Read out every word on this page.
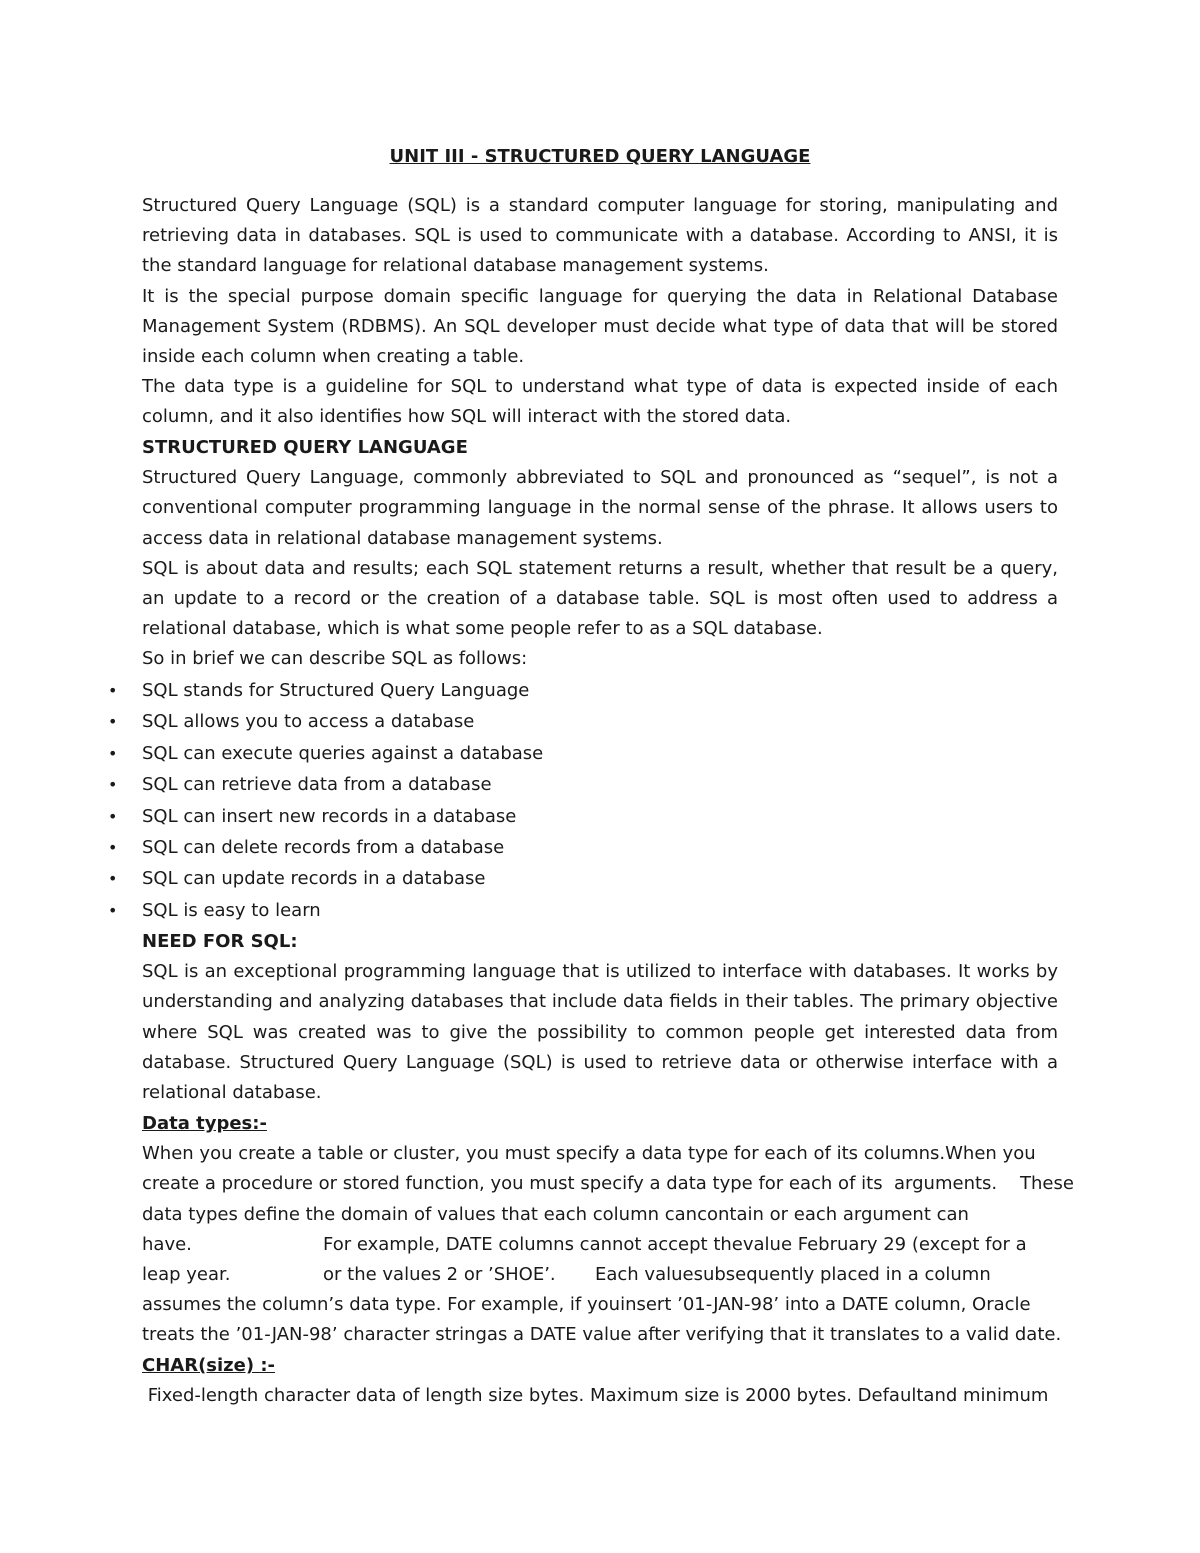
UNIT III - STRUCTURED QUERY LANGUAGE

Structured Query Language (SQL) is a standard computer language for storing, manipulating and retrieving data in databases. SQL is used to communicate with a database. According to ANSI, it is the standard language for relational database management systems.

It is the special purpose domain specific language for querying the data in Relational Database Management System (RDBMS). An SQL developer must decide what type of data that will be stored inside each column when creating a table.

The data type is a guideline for SQL to understand what type of data is expected inside of each column, and it also identifies how SQL will interact with the stored data.

STRUCTURED QUERY LANGUAGE

Structured Query Language, commonly abbreviated to SQL and pronounced as “sequel”, is not a conventional computer programming language in the normal sense of the phrase. It allows users to access data in relational database management systems.

SQL is about data and results; each SQL statement returns a result, whether that result be a query, an update to a record or the creation of a database table. SQL is most often used to address a relational database, which is what some people refer to as a SQL database.

So in brief we can describe SQL as follows:

• SQL stands for Structured Query Language
• SQL allows you to access a database
• SQL can execute queries against a database
• SQL can retrieve data from a database
• SQL can insert new records in a database
• SQL can delete records from a database
• SQL can update records in a database
• SQL is easy to learn

NEED FOR SQL:

SQL is an exceptional programming language that is utilized to interface with databases. It works by understanding and analyzing databases that include data fields in their tables. The primary objective where SQL was created was to give the possibility to common people get interested data from database. Structured Query Language (SQL) is used to retrieve data or otherwise interface with a relational database.

Data types:-

When you create a table or cluster, you must specify a data type for each of its columns.When you

create a procedure or stored function, you must specify a data type for each of its  arguments.    These

data types define the domain of values that each column cancontain or each argument can

have.	For example, DATE columns cannot accept thevalue February 29 (except for a

leap year.	or the values 2 or ’SHOE’. Each valuesubsequently placed in a column

assumes the column’s data type. For example, if youinsert ’01-JAN-98’ into a DATE column, Oracle

treats the ’01-JAN-98’ character stringas a DATE value after verifying that it translates to a valid date.

CHAR(size) :-

Fixed-length character data of length size bytes. Maximum size is 2000 bytes. Defaultand minimum
